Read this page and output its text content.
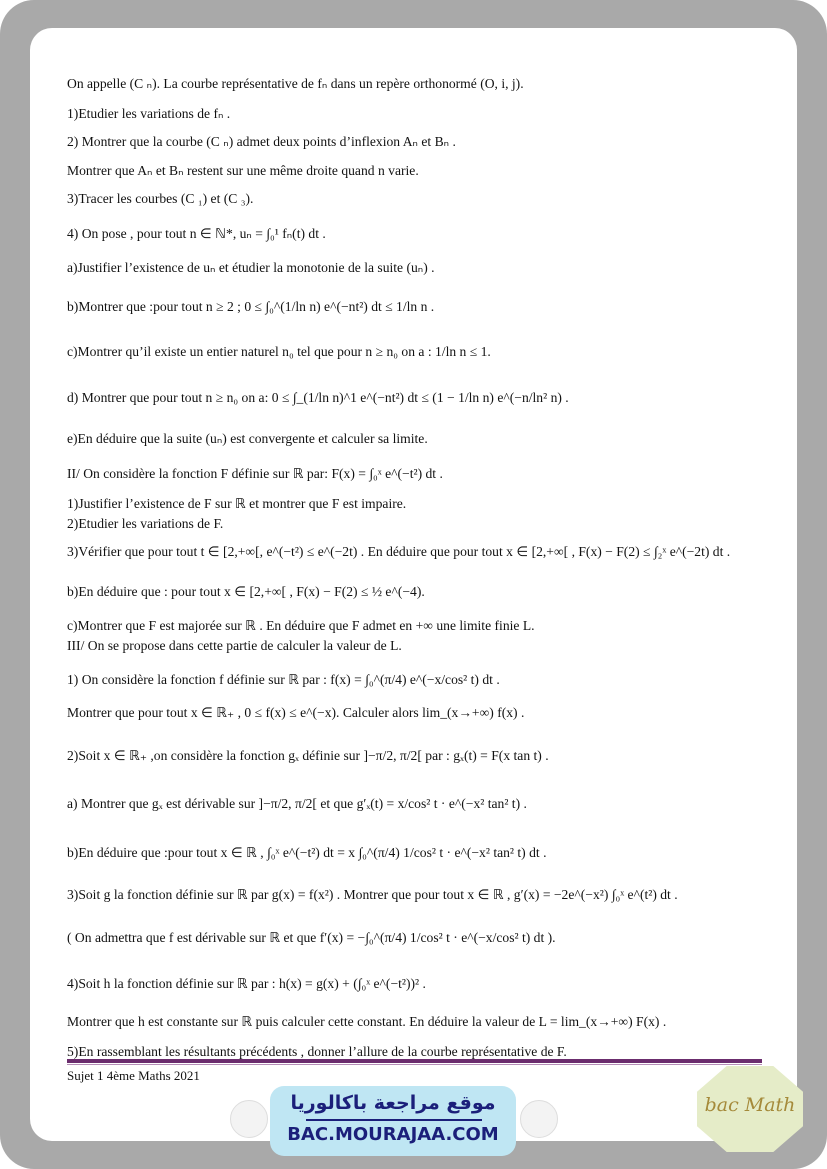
On appelle (C ₙ). La courbe représentative de fₙ dans un repère orthonormé (O, i, j).
1)Etudier les variations de fₙ .
2) Montrer que la courbe (C ₙ) admet deux points d’inflexion Aₙ et Bₙ .
Montrer que Aₙ et Bₙ restent sur une même droite quand n varie.
3)Tracer les courbes (C ₁) et (C ₃).
4) On pose , pour tout n ∈ ℕ*, uₙ = ∫₀¹ fₙ(t) dt .
a)Justifier l’existence de uₙ et étudier la monotonie de la suite (uₙ) .
b)Montrer que :pour tout n ≥ 2 ; 0 ≤ ∫₀^(1/ln n) e^(−nt²) dt ≤ 1/ln n .
c)Montrer qu’il existe un entier naturel n₀ tel que pour n ≥ n₀ on a : 1/ln n ≤ 1.
d) Montrer que pour tout n ≥ n₀ on a: 0 ≤ ∫_(1/ln n)^1 e^(−nt²) dt ≤ (1 − 1/ln n) e^(−n/ln² n) .
e)En déduire que la suite (uₙ) est convergente et calculer sa limite.
II/ On considère la fonction F définie sur ℝ par: F(x) = ∫₀ˣ e^(−t²) dt .
1)Justifier l’existence de F sur ℝ et montrer que F est impaire.
2)Etudier les variations de F.
3)Vérifier que pour tout t ∈ [2,+∞[, e^(−t²) ≤ e^(−2t) . En déduire que pour tout x ∈ [2,+∞[ , F(x) − F(2) ≤ ∫₂ˣ e^(−2t) dt .
b)En déduire que : pour tout x ∈ [2,+∞[ , F(x) − F(2) ≤ ½ e^(−4).
c)Montrer que F est majorée sur ℝ . En déduire que F admet en +∞ une limite finie L.
III/ On se propose dans cette partie de calculer la valeur de L.
1) On considère la fonction f définie sur ℝ par : f(x) = ∫₀^(π/4) e^(−x/cos² t) dt .
Montrer que pour tout x ∈ ℝ₊ , 0 ≤ f(x) ≤ e^(−x). Calculer alors lim_(x→+∞) f(x) .
2)Soit x ∈ ℝ₊ ,on considère la fonction gₓ définie sur ]−π/2, π/2[ par : gₓ(t) = F(x tan t) .
a) Montrer que gₓ est dérivable sur ]−π/2, π/2[ et que g′ₓ(t) = x/cos² t · e^(−x² tan² t) .
b)En déduire que :pour tout x ∈ ℝ , ∫₀ˣ e^(−t²) dt = x ∫₀^(π/4) 1/cos² t · e^(−x² tan² t) dt .
3)Soit g la fonction définie sur ℝ par g(x) = f(x²) . Montrer que pour tout x ∈ ℝ , g′(x) = −2e^(−x²) ∫₀ˣ e^(t²) dt .
( On admettra que f est dérivable sur ℝ et que f′(x) = −∫₀^(π/4) 1/cos² t · e^(−x/cos² t) dt ).
4)Soit h la fonction définie sur ℝ par : h(x) = g(x) + (∫₀ˣ e^(−t²))² .
Montrer que h est constante sur ℝ puis calculer cette constant. En déduire la valeur de L = lim_(x→+∞) F(x) .
5)En rassemblant les résultants précédents , donner l’allure de la courbe représentative de F.
Sujet 1 4ème Maths 2021
موقع مراجعة باكالوريا
BAC.MOURAJAA.COM
bac Math
